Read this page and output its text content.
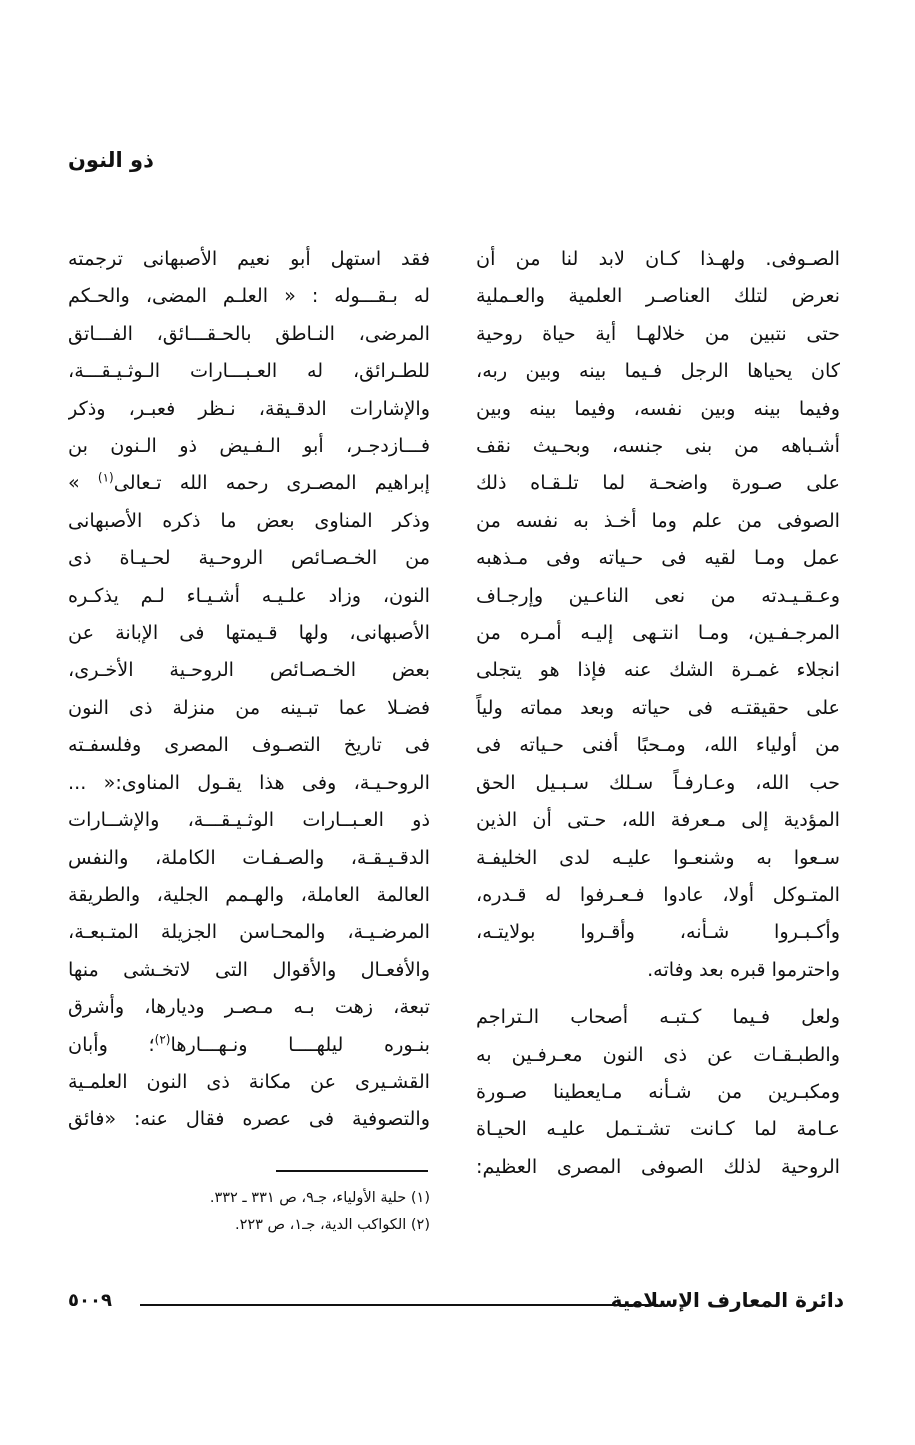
ذو النون
الصـوفى. ولهـذا كـان لابد لنا من أن
نعرض لتلك العناصـر العلمية والعـملية
حتى نتبين من خلالهـا أية حياة روحية
كان يحياها الرجل فـيما بينه وبين ربه،
وفيما بينه وبين نفسه، وفيما بينه وبين
أشـباهه من بنى جنسه، وبحـيث نقف
على صـورة واضحـة لما تلـقـاه ذلك
الصوفى من علم وما أخـذ به نفسه من
عمل ومـا لقيه فى حـياته وفى مـذهبه
وعـقـيـدته من نعى الناعـين وإرجـاف
المرجـفـين، ومـا انتـهى إليـه أمـره من
انجلاء غمـرة الشك عنه فإذا هو يتجلى
على حقيقتـه فى حياته وبعد مماته ولياً
من أولياء الله، ومـحبًا أفنى حـياته فى
حب الله، وعـارفـاً سـلك سـبـيل الحق
المؤدية إلى مـعرفة الله، حـتى أن الذين
سـعوا به وشنعـوا عليـه لدى الخليفـة
المتـوكل أولا، عادوا فـعـرفوا له قـدره،
وأكـبـروا شـأنه، وأقـروا بولايتـه،
واحترموا قبره بعد وفاته.
ولعل فـيما كـتبـه أصحاب الـتراجم
والطبـقـات عن ذى النون معـرفـين به
ومكبـرين من شـأنه مـايعطينا صـورة
عـامة لما كـانت تشـتـمل عليـه الحيـاة
الروحية لذلك الصوفى المصرى العظيم:
فقد استهل أبو نعيم الأصبهانى ترجمته
له بـقـــوله : « العلـم المضى، والحـكم
المرضى، النـاطق بالحـقـــائق، الفـــاتق
للطـرائق، له العـبـــارات الـوثـيـقـــة،
والإشارات الدقـيقة، نـظر فعبـر، وذكر
فـــازدجـر، أبو الـفـيض ذو الـنون بن
إبراهيم المصـرى رحمه الله تـعالى$^{(١)}$ »
وذكر المناوى بعض ما ذكره الأصبهانى
من الخـصـائص الروحـية لحـيـاة ذى
النون، وزاد علـيـه أشـيـاء لـم يذكـره
الأصبهانى، ولها قـيمتها فى الإبانة عن
بعض الخـصـائص الروحـية الأخـرى،
فضـلا عما تبـينه من منزلة ذى النون
فى تاريخ التصـوف المصرى وفلسفـته
الروحـيـة، وفى هذا يقـول المناوى:« ...
ذو العـبــارات الوثـيـقـــة، والإشــارات
الدقـيـقـة، والصـفـات الكاملة، والنفس
العالمة العاملة، والهـمم الجلية، والطريقة
المرضـيـة، والمحـاسن الجزيلة المتـبعـة،
والأفعـال والأقوال التى لاتخـشى منها
تبعة، زهت بـه مـصـر وديارها، وأشرق
بنـوره ليلهــــا ونـهـــارها$^{(٢)}$؛ وأبان
القشـيرى عن مكانة ذى النون العلمـية
والتصوفية فى عصره فقال عنه: «فائق
(١) حلية الأولياء، جـ٩، ص ٣٣١ ـ ٣٣٢.
(٢) الكواكب الدية، جـ١، ص ٢٢٣.
دائرة المعارف الإسلامية
٥٠٠٩
